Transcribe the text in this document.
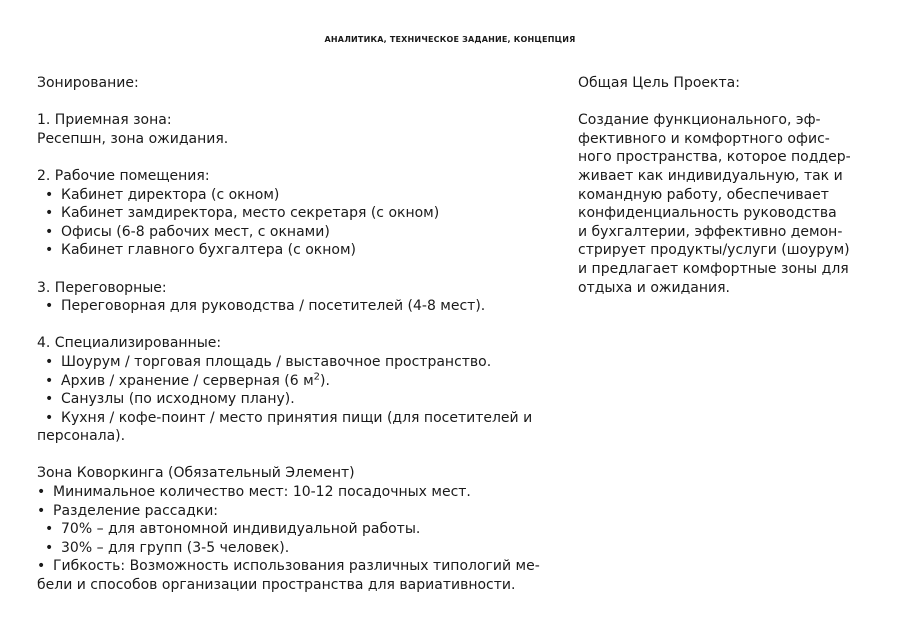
АНАЛИТИКА, ТЕХНИЧЕСКОЕ ЗАДАНИЕ, КОНЦЕПЦИЯ
Зонирование:
1. Приемная зона:
Ресепшн, зона ожидания.
2. Рабочие помещения:
• Кабинет директора (с окном)
• Кабинет замдиректора, место секретаря (с окном)
• Офисы (6-8 рабочих мест, с окнами)
• Кабинет главного бухгалтера (с окном)
3. Переговорные:
• Переговорная для руководства / посетителей (4-8 мест).
4. Специализированные:
• Шоурум / торговая площадь / выставочное пространство.
• Архив / хранение / серверная (6 $м^2$).
• Санузлы (по исходному плану).
• Кухня / кофе-поинт / место принятия пищи (для посетителей и
персонала).
Зона Коворкинга (Обязательный Элемент)
• Минимальное количество мест: 10-12 посадочных мест.
• Разделение рассадки:
• 70% – для автономной индивидуальной работы.
• 30% – для групп (3-5 человек).
• Гибкость: Возможность использования различных типологий ме-
бели и способов организации пространства для вариативности.
Общая Цель Проекта:
Создание функционального, эф-
фективного и комфортного офис-
ного пространства, которое поддер-
живает как индивидуальную, так и
командную работу, обеспечивает
конфиденциальность руководства
и бухгалтерии, эффективно демон-
стрирует продукты/услуги (шоурум)
и предлагает комфортные зоны для
отдыха и ожидания.
